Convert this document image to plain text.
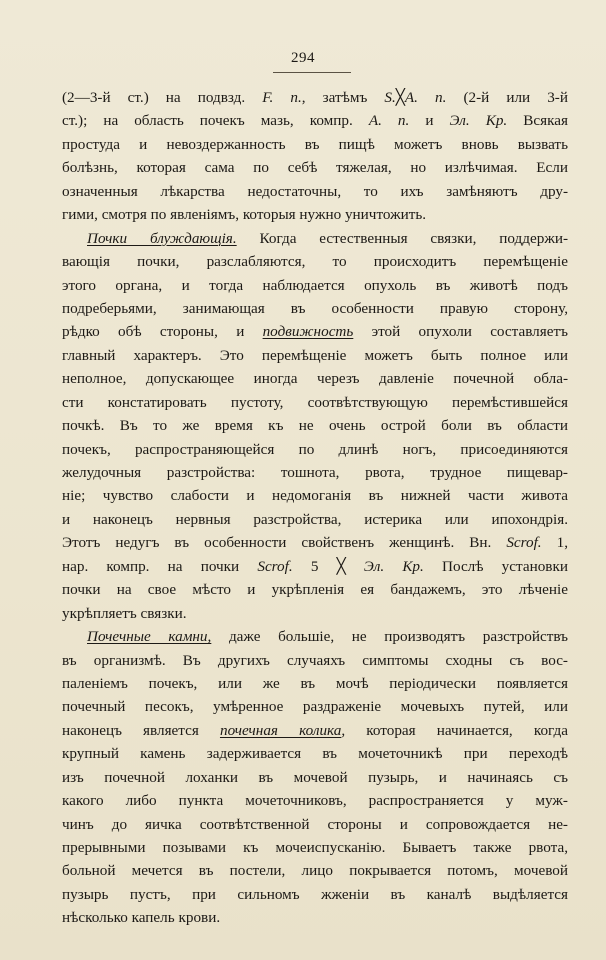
294
(2—3-й ст.) на подвзд. F. n., затѣмъ S.╳A. n. (2-й или 3-й
ст.); на область почекъ мазь, компр. A. n. и Эл. Кр. Всякая
простуда и невоздержанность въ пищѣ можетъ вновь вызвать
болѣзнь, которая сама по себѣ тяжелая, но излѣчимая. Если
означенныя лѣкарства недостаточны, то ихъ замѣняютъ дру-
гими, смотря по явленіямъ, которыя нужно уничтожить.
Почки блуждающія. Когда естественныя связки, поддержи-
вающія почки, разслабляются, то происходитъ перемѣщеніе
этого органа, и тогда наблюдается опухоль въ животѣ подъ
подреберьями, занимающая въ особенности правую сторону,
рѣдко обѣ стороны, и подвижность этой опухоли составляетъ
главный характеръ. Это перемѣщеніе можетъ быть полное или
неполное, допускающее иногда черезъ давленіе почечной обла-
сти констатировать пустоту, соотвѣтствующую перемѣстившейся
почкѣ. Въ то же время къ не очень острой боли въ области
почекъ, распространяющейся по длинѣ ногъ, присоединяются
желудочныя разстройства: тошнота, рвота, трудное пищевар-
ніе; чувство слабости и недомоганія въ нижней части живота
и наконецъ нервныя разстройства, истерика или ипохондрія.
Этотъ недугъ въ особенности свойственъ женщинѣ. Вн. Scrof. 1,
нар. компр. на почки Scrof. 5 ╳ Эл. Кр. Послѣ установки
почки на свое мѣсто и укрѣпленія ея бандажемъ, это лѣченіе
укрѣпляетъ связки.
Почечные камни, даже большіе, не производятъ разстройствъ
въ организмѣ. Въ другихъ случаяхъ симптомы сходны съ вос-
паленіемъ почекъ, или же въ мочѣ періодически появляется
почечный песокъ, умѣренное раздраженіе мочевыхъ путей, или
наконецъ является почечная колика, которая начинается, когда
крупный камень задерживается въ мочеточникѣ при переходѣ
изъ почечной лоханки въ мочевой пузырь, и начинаясь съ
какого либо пункта мочеточниковъ, распространяется у муж-
чинъ до яичка соотвѣтственной стороны и сопровождается не-
прерывными позывами къ мочеиспусканію. Бываетъ также рвота,
больной мечется въ постели, лицо покрывается потомъ, мочевой
пузырь пустъ, при сильномъ жженіи въ каналѣ выдѣляется
нѣсколько капель крови.
